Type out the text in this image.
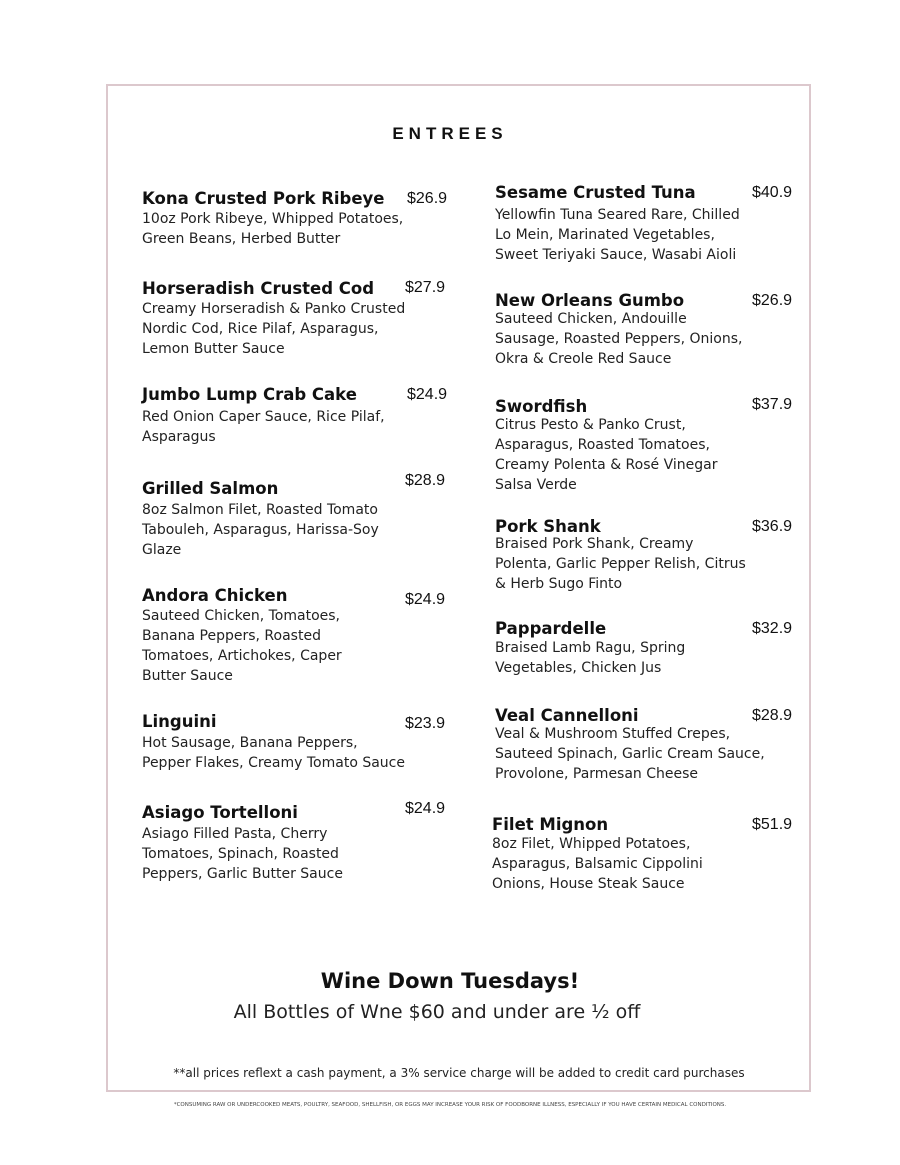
ENTREES
Kona Crusted Pork Ribeye $26.9
10oz Pork Ribeye, Whipped Potatoes,
Green Beans, Herbed Butter
Horseradish Crusted Cod $27.9
Creamy Horseradish & Panko Crusted
Nordic Cod, Rice Pilaf, Asparagus,
Lemon Butter Sauce
Jumbo Lump Crab Cake	$24.9
Red Onion Caper Sauce, Rice Pilaf,
Asparagus
Grilled Salmon	$28.9
8oz Salmon Filet, Roasted Tomato
Tabouleh, Asparagus, Harissa-Soy
Glaze
Andora Chicken	$24.9
Sauteed Chicken, Tomatoes,
Banana Peppers, Roasted
Tomatoes, Artichokes, Caper
Butter Sauce
Linguini	$23.9
Hot Sausage, Banana Peppers,
Pepper Flakes, Creamy Tomato Sauce
Asiago Tortelloni	$24.9
Asiago Filled Pasta, Cherry
Tomatoes, Spinach, Roasted
Peppers, Garlic Butter Sauce
Sesame Crusted Tuna	$40.9
Yellowfin Tuna Seared Rare, Chilled
Lo Mein, Marinated Vegetables,
Sweet Teriyaki Sauce, Wasabi Aioli
New Orleans Gumbo	$26.9
Sauteed Chicken, Andouille
Sausage, Roasted Peppers, Onions,
Okra & Creole Red Sauce
Swordfish	$37.9
Citrus Pesto & Panko Crust,
Asparagus, Roasted Tomatoes,
Creamy Polenta & Rosé Vinegar
Salsa Verde
Pork Shank	$36.9
Braised Pork Shank, Creamy
Polenta, Garlic Pepper Relish, Citrus
& Herb Sugo Finto
Pappardelle	$32.9
Braised Lamb Ragu, Spring
Vegetables, Chicken Jus
Veal Cannelloni	$28.9
Veal & Mushroom Stuffed Crepes,
Sauteed Spinach, Garlic Cream Sauce,
Provolone, Parmesan Cheese
Filet Mignon	$51.9
8oz Filet, Whipped Potatoes,
Asparagus, Balsamic Cippolini
Onions, House Steak Sauce
Wine Down Tuesdays!
All Bottles of Wne $60 and under are ½ off
**all prices reflext a cash payment, a 3% service charge will be added to credit card purchases
*CONSUMING RAW OR UNDERCOOKED MEATS, POULTRY, SEAFOOD, SHELLFISH, OR EGGS MAY INCREASE YOUR RISK OF FOODBORNE ILLNESS, ESPECIALLY IF YOU HAVE CERTAIN MEDICAL CONDITIONS.
